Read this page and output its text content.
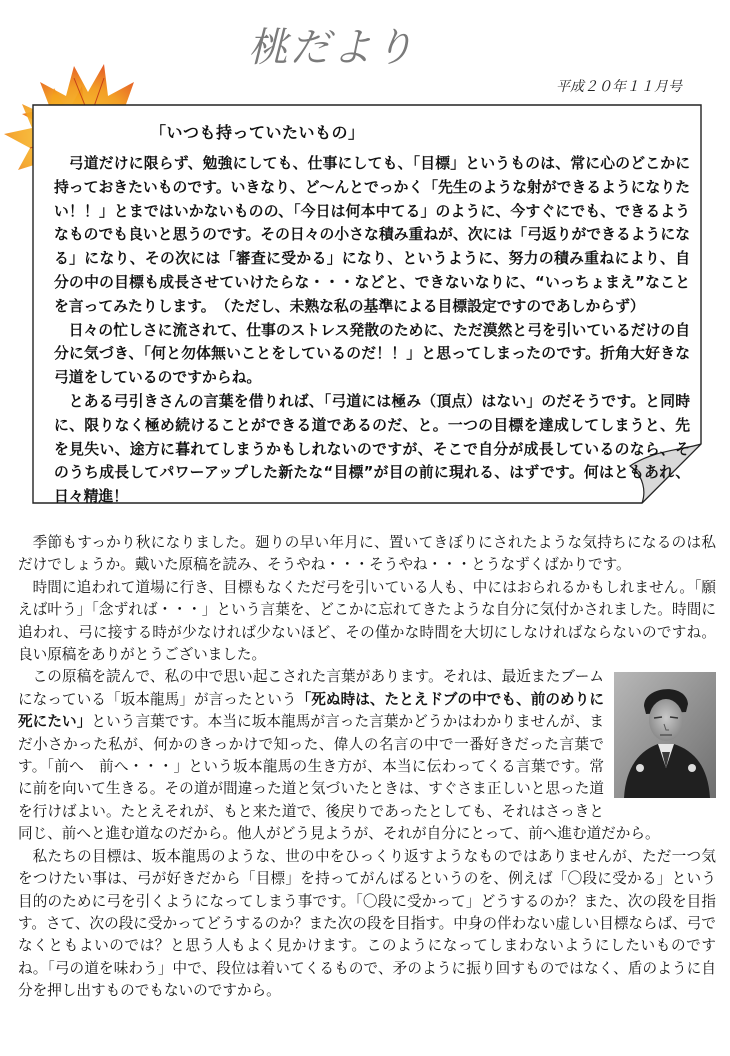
桃だより
平成２０年１１月号
「いつも持っていたいもの」

弓道だけに限らず、勉強にしても、仕事にしても、「目標」というものは、常に心のどこかに持っておきたいものです。いきなり、ど～んとでっかく「先生のような射ができるようになりたい！！」とまではいかないものの、「今日は何本中てる」のように、今すぐにでも、できるようなものでも良いと思うのです。その日々の小さな積み重ねが、次には「弓返りができるようになる」になり、その次には「審査に受かる」になり、というように、努力の積み重ねにより、自分の中の目標も成長させていけたらな・・・などと、できないなりに、“いっちょまえ”なことを言ってみたりします。　（ただし、未熟な私の基準による目標設定ですのであしからず）

日々の忙しさに流されて、仕事のストレス発散のために、ただ漠然と弓を引いているだけの自分に気づき、「何と勿体無いことをしているのだ！！」と思ってしまったのです。折角大好きな弓道をしているのですからね。

とある弓引きさんの言葉を借りれば、「弓道には極み（頂点）はない」のだそうです。と同時に、限りなく極め続けることができる道であるのだ、と。一つの目標を達成してしまうと、先を見失い、途方に暮れてしまうかもしれないのですが、そこで自分が成長しているのなら、そのうち成長してパワーアップした新たな“目標”が目の前に現れる、はずです。何はともあれ、日々精進！

季節もすっかり秋になりました。廻りの早い年月に、置いてきぼりにされたような気持ちになるのは私だけでしょうか。戴いた原稿を読み、そうやね・・・そうやね・・・とうなずくばかりです。

時間に追われて道場に行き、目標もなくただ弓を引いている人も、中にはおられるかもしれません。「願えば叶う」「念ずれば・・・」という言葉を、どこかに忘れてきたような自分に気付かされました。時間に追われ、弓に接する時が少なければ少ないほど、その僅かな時間を大切にしなければならないのですね。良い原稿をありがとうございました。

この原稿を読んで、私の中で思い起こされた言葉があります。それは、最近またブームになっている「坂本龍馬」が言ったという「死ぬ時は、たとえドブの中でも、前のめりに死にたい」という言葉です。本当に坂本龍馬が言った言葉かどうかはわかりませんが、まだ小さかった私が、何かのきっかけで知った、偉人の名言の中で一番好きだった言葉です。「前へ　前へ・・・」という坂本龍馬の生き方が、本当に伝わってくる言葉です。常に前を向いて生きる。その道が間違った道と気づいたときは、すぐさま正しいと思った道を行けばよい。たとえそれが、もと来た道で、後戻りであったとしても、それはさっきと同じ、前へと進む道なのだから。他人がどう見ようが、それが自分にとって、前へ進む道だから。

私たちの目標は、坂本龍馬のような、世の中をひっくり返すようなものではありませんが、ただ一つ気をつけたい事は、弓が好きだから「目標」を持ってがんばるというのを、例えば「〇段に受かる」という目的のために弓を引くようになってしまう事です。「〇段に受かって」どうするのか？また、次の段を目指す。さて、次の段に受かってどうするのか？また次の段を目指す。中身の伴わない虚しい目標ならば、弓でなくともよいのでは？と思う人もよく見かけます。このようになってしまわないようにしたいものですね。「弓の道を味わう」中で、段位は着いてくるもので、矛のように振り回すものではなく、盾のように自分を押し出すものでもないのですから。
